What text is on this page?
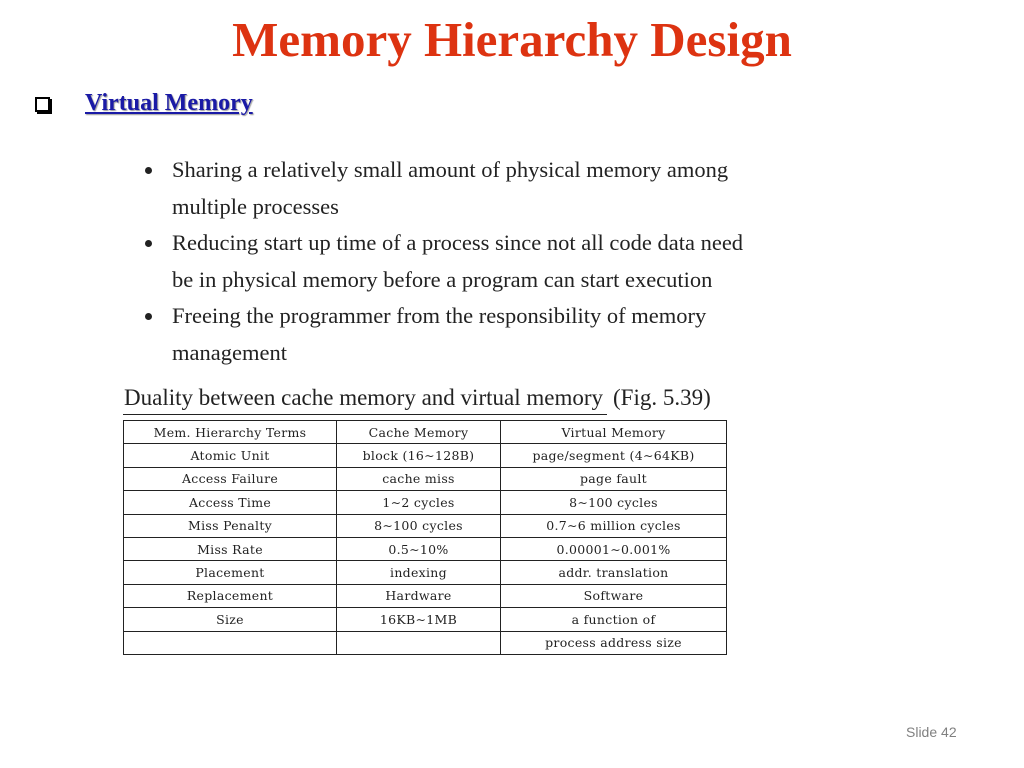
Memory Hierarchy Design
Virtual Memory
Sharing a relatively small amount of physical memory among
multiple processes
Reducing start up time of a process since not all code data need
be in physical memory before a program can start execution
Freeing the programmer from the responsibility of memory
management
Duality between cache memory and virtual memory (Fig. 5.39)
Mem. Hierarchy Terms	Cache Memory	Virtual Memory
Atomic Unit	block (16∼128B)	page/segment (4∼64KB)
Access Failure	cache miss	page fault
Access Time	1∼2 cycles	8∼100 cycles
Miss Penalty	8∼100 cycles	0.7∼6 million cycles
Miss Rate	0.5∼10%	0.00001∼0.001%
Placement	indexing	addr. translation
Replacement	Hardware	Software
Size	16KB∼1MB	a function of
		process address size
Slide 42
